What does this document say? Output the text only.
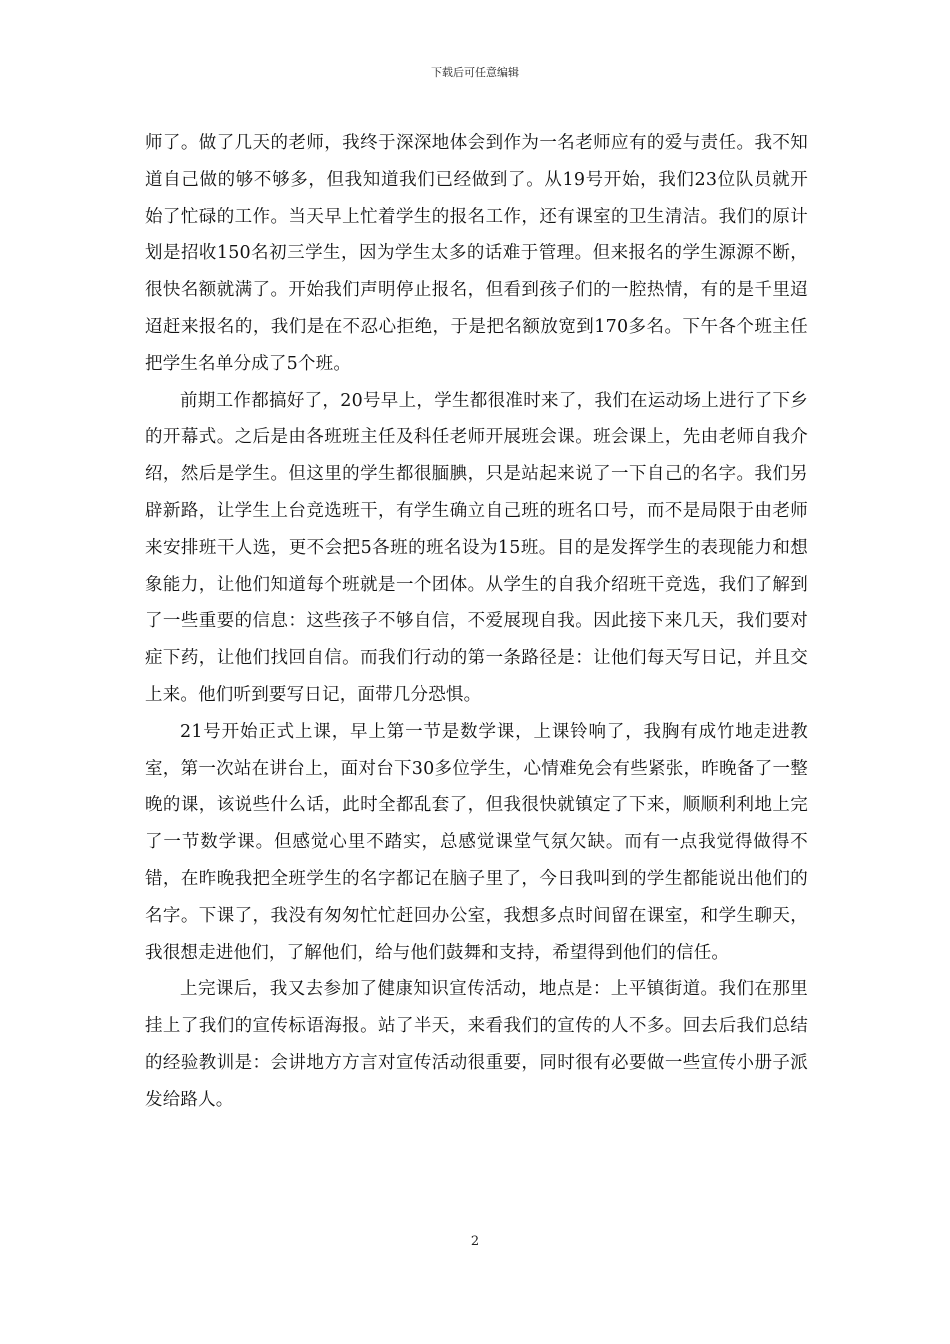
下载后可任意编辑

师了。做了几天的老师，我终于深深地体会到作为一名老师应有的爱与责任。我不知道自己做的够不够多，但我知道我们已经做到了。从19号开始，我们23位队员就开始了忙碌的工作。当天早上忙着学生的报名工作，还有课室的卫生清洁。我们的原计划是招收150名初三学生，因为学生太多的话难于管理。但来报名的学生源源不断，很快名额就满了。开始我们声明停止报名，但看到孩子们的一腔热情，有的是千里迢迢赶来报名的，我们是在不忍心拒绝，于是把名额放宽到170多名。下午各个班主任把学生名单分成了5个班。

前期工作都搞好了，20号早上，学生都很准时来了，我们在运动场上进行了下乡的开幕式。之后是由各班班主任及科任老师开展班会课。班会课上，先由老师自我介绍，然后是学生。但这里的学生都很腼腆，只是站起来说了一下自己的名字。我们另辟新路，让学生上台竞选班干，有学生确立自己班的班名口号，而不是局限于由老师来安排班干人选，更不会把5各班的班名设为15班。目的是发挥学生的表现能力和想象能力，让他们知道每个班就是一个团体。从学生的自我介绍班干竞选，我们了解到了一些重要的信息：这些孩子不够自信，不爱展现自我。因此接下来几天，我们要对症下药，让他们找回自信。而我们行动的第一条路径是：让他们每天写日记，并且交上来。他们听到要写日记，面带几分恐惧。

21号开始正式上课，早上第一节是数学课，上课铃响了，我胸有成竹地走进教室，第一次站在讲台上，面对台下30多位学生，心情难免会有些紧张，昨晚备了一整晚的课，该说些什么话，此时全都乱套了，但我很快就镇定了下来，顺顺利利地上完了一节数学课。但感觉心里不踏实，总感觉课堂气氛欠缺。而有一点我觉得做得不错，在昨晚我把全班学生的名字都记在脑子里了，今日我叫到的学生都能说出他们的名字。下课了，我没有匆匆忙忙赶回办公室，我想多点时间留在课室，和学生聊天，我很想走进他们，了解他们，给与他们鼓舞和支持，希望得到他们的信任。

上完课后，我又去参加了健康知识宣传活动，地点是：上平镇街道。我们在那里挂上了我们的宣传标语海报。站了半天，来看我们的宣传的人不多。回去后我们总结的经验教训是：会讲地方方言对宣传活动很重要，同时很有必要做一些宣传小册子派发给路人。

2
